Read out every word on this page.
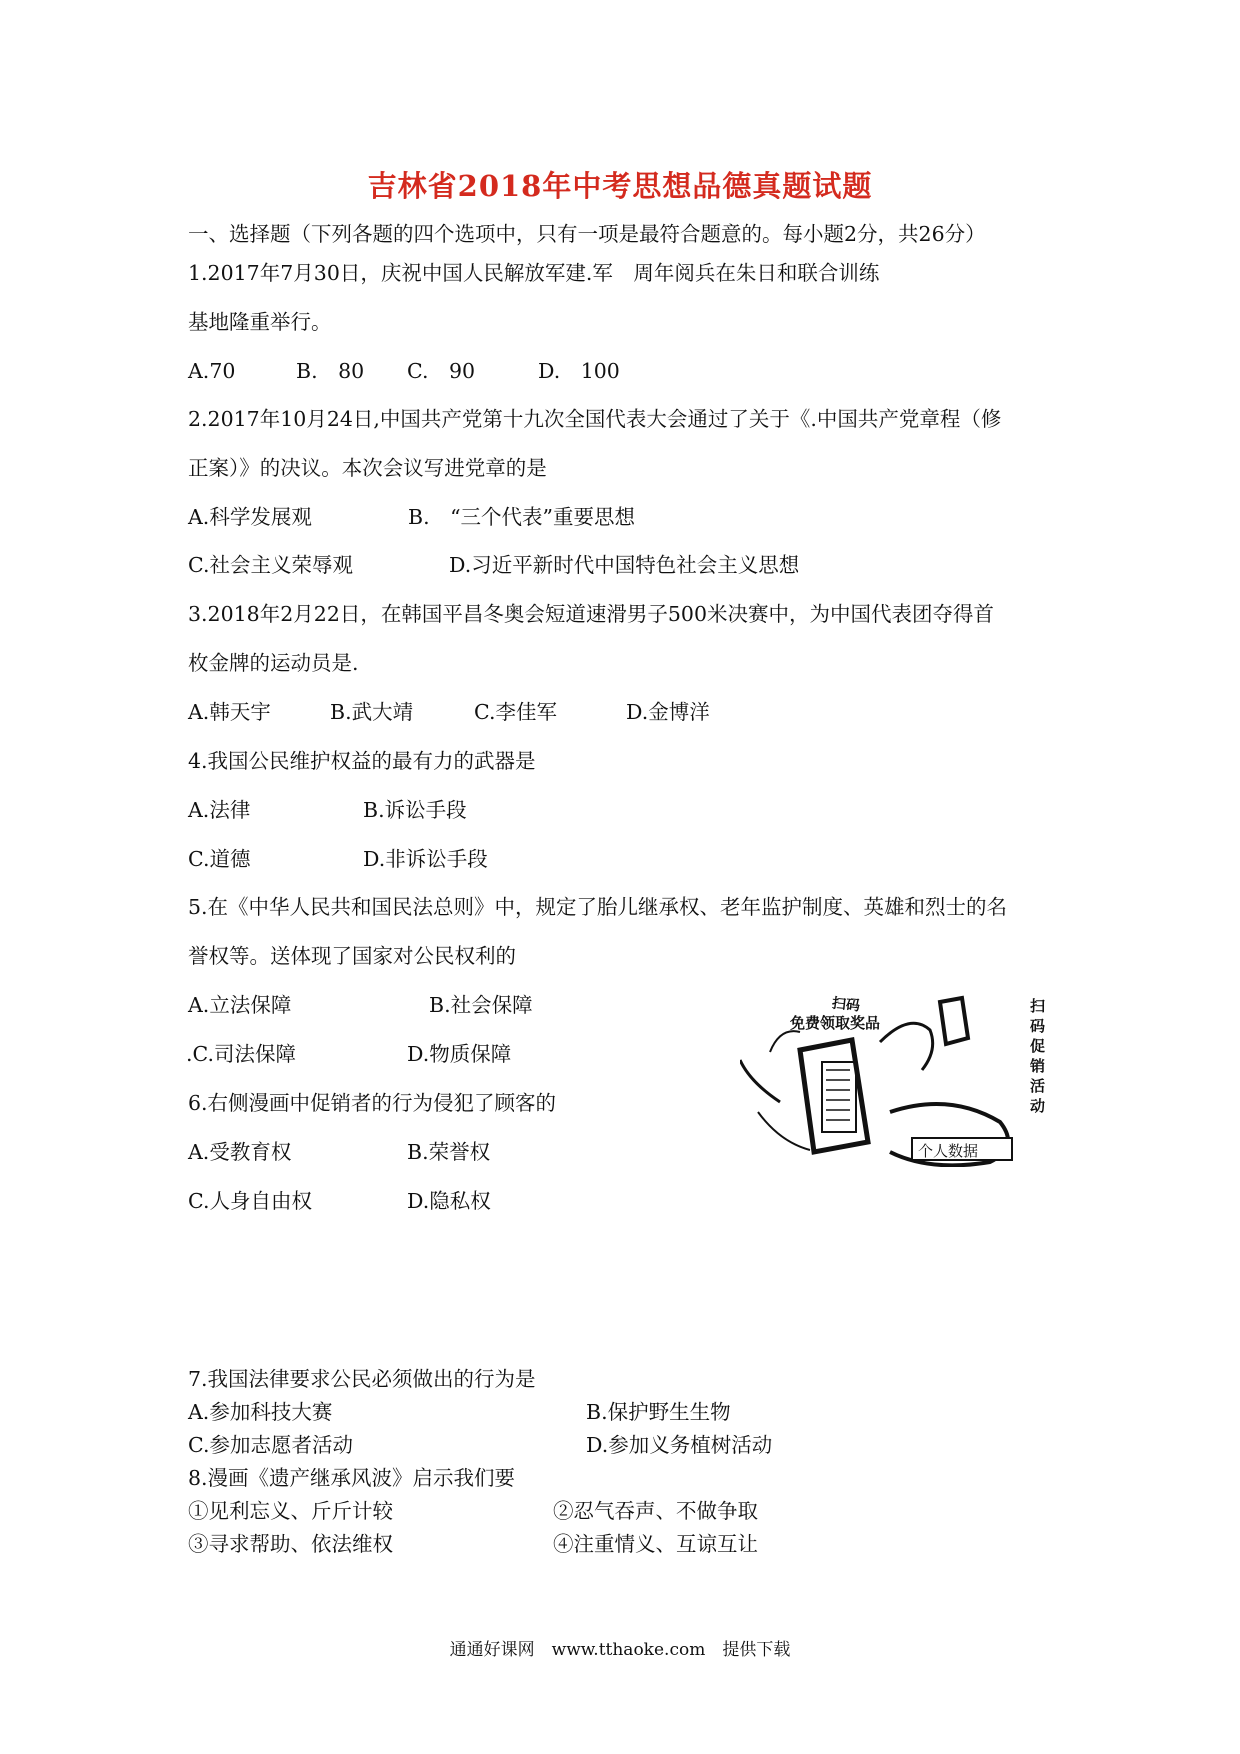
吉林省2018年中考思想品德真题试题
一、选择题（下列各题的四个选项中，只有一项是最符合题意的。每小题2分，共26分）
1.2017年7月30日，庆祝中国人民解放军建.军　周年阅兵在朱日和联合训练
基地隆重举行。
A.70	B.　80 C.　90	D.　100
2.2017年10月24日,中国共产党第十九次全国代表大会通过了关于《.中国共产党章程（修
正案）》的决议。本次会议写进党章的是
A.科学发展观	B.　“三个代表”重要思想
C.社会主义荣辱观	D.习近平新时代中国特色社会主义思想
3.2018年2月22日，在韩国平昌冬奥会短道速滑男子500米决赛中，为中国代表团夺得首
枚金牌的运动员是.
A.韩天宇	B.武大靖	C.李佳军	D.金博洋
4.我国公民维护权益的最有力的武器是
A.法律	B.诉讼手段
C.道德	D.非诉讼手段
5.在《中华人民共和国民法总则》中，规定了胎儿继承权、老年监护制度、英雄和烈士的名
誉权等。送体现了国家对公民权利的
A.立法保障	B.社会保障
.C.司法保障	D.物质保障
6.右侧漫画中促销者的行为侵犯了顾客的
A.受教育权	B.荣誉权
C.人身自由权	D.隐私权
扫码
免费领取奖品
扫码促销活动
个人数据
7.我国法律要求公民必须做出的行为是
A.参加科技大赛	B.保护野生生物
C.参加志愿者活动	D.参加义务植树活动
8.漫画《遗产继承风波》启示我们要
①见利忘义、斤斤计较	②忍气吞声、不做争取
③寻求帮助、依法维权	④注重情义、互谅互让
通通好课网　www.tthaoke.com　提供下载
